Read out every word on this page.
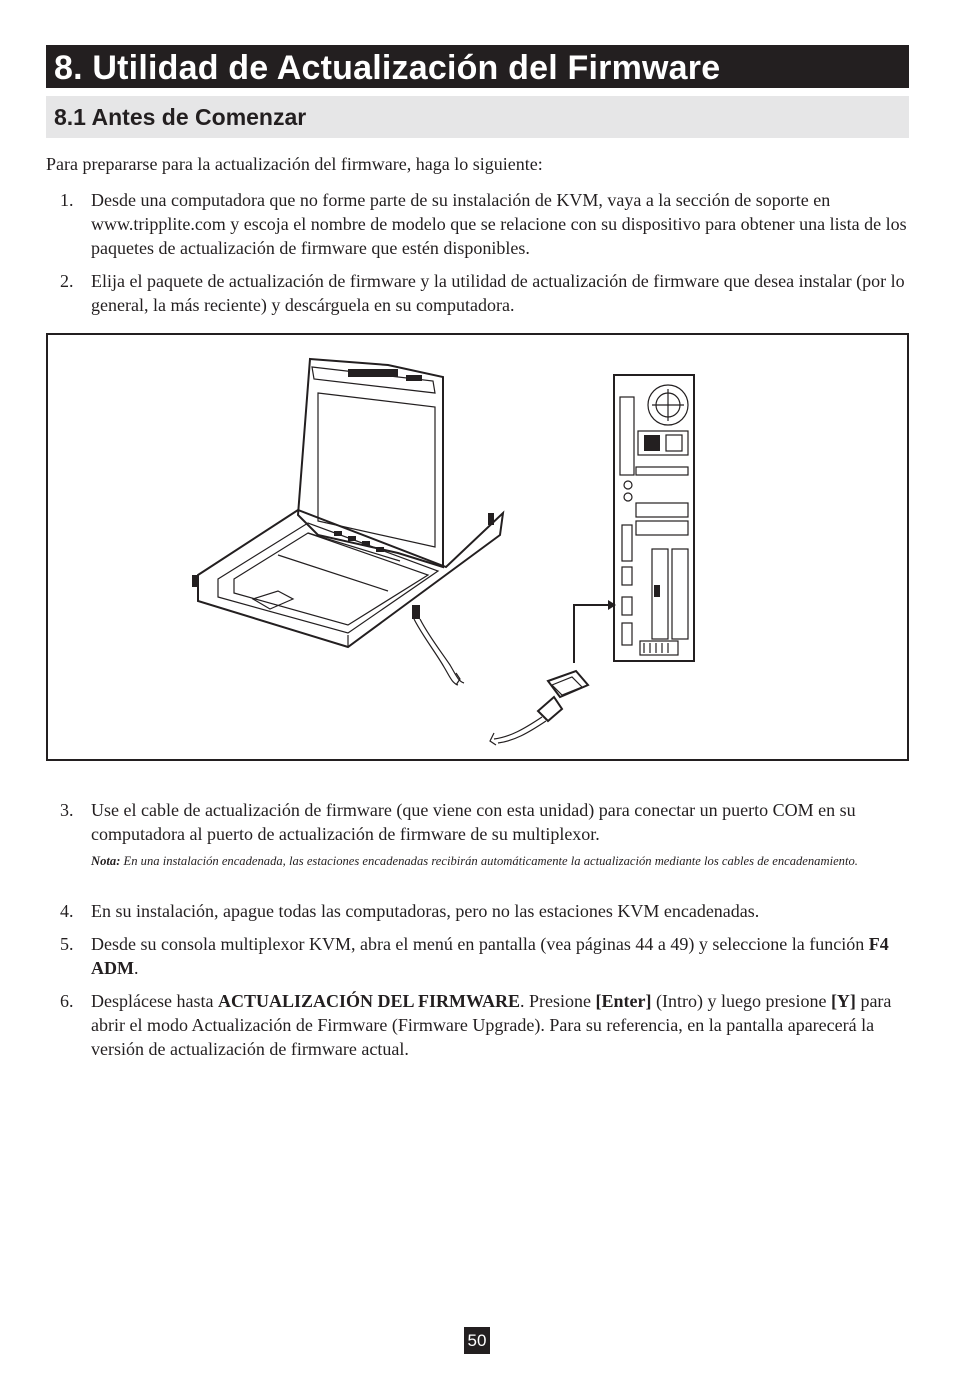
8. Utilidad de Actualización del Firmware
8.1 Antes de Comenzar

Para prepararse para la actualización del firmware, haga lo siguiente:

1. Desde una computadora que no forme parte de su instalación de KVM, vaya a la sección de soporte en www.tripplite.com y escoja el nombre de modelo que se relacione con su dispositivo para obtener una lista de los paquetes de actualización de firmware que estén disponibles.
2. Elija el paquete de actualización de firmware y la utilidad de actualización de firmware que desea instalar (por lo general, la más reciente) y descárguela en su computadora.
3. Use el cable de actualización de firmware (que viene con esta unidad) para conectar un puerto COM en su computadora al puerto de actualización de firmware de su multiplexor.
Nota: En una instalación encadenada, las estaciones encadenadas recibirán automáticamente la actualización mediante los cables de encadenamiento.
4. En su instalación, apague todas las computadoras, pero no las estaciones KVM encadenadas.
5. Desde su consola multiplexor KVM, abra el menú en pantalla (vea páginas 44 a 49) y seleccione la función F4 ADM.
6. Desplácese hasta ACTUALIZACIÓN DEL FIRMWARE. Presione [Enter] (Intro) y luego presione [Y] para abrir el modo Actualización de Firmware (Firmware Upgrade). Para su referencia, en la pantalla aparecerá la versión de actualización de firmware actual.
50
